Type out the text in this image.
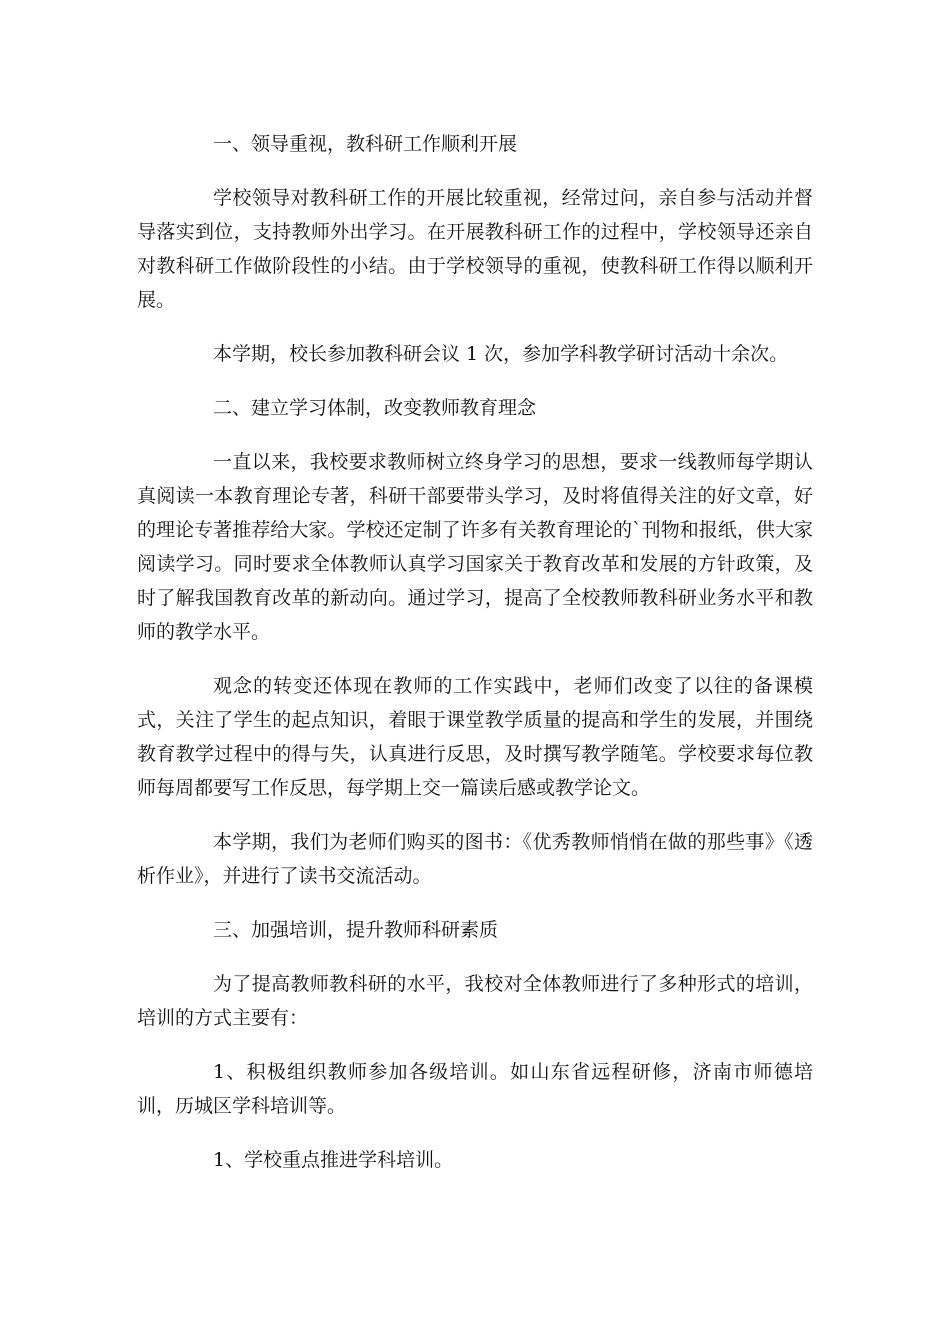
一、领导重视，教科研工作顺利开展

学校领导对教科研工作的开展比较重视，经常过问，亲自参与活动并督导落实到位，支持教师外出学习。在开展教科研工作的过程中，学校领导还亲自对教科研工作做阶段性的小结。由于学校领导的重视，使教科研工作得以顺利开展。

本学期，校长参加教科研会议 1 次，参加学科教学研讨活动十余次。

二、建立学习体制，改变教师教育理念

一直以来，我校要求教师树立终身学习的思想，要求一线教师每学期认真阅读一本教育理论专著，科研干部要带头学习，及时将值得关注的好文章，好的理论专著推荐给大家。学校还定制了许多有关教育理论的`刊物和报纸，供大家阅读学习。同时要求全体教师认真学习国家关于教育改革和发展的方针政策，及时了解我国教育改革的新动向。通过学习，提高了全校教师教科研业务水平和教师的教学水平。

观念的转变还体现在教师的工作实践中，老师们改变了以往的备课模式，关注了学生的起点知识，着眼于课堂教学质量的提高和学生的发展，并围绕教育教学过程中的得与失，认真进行反思，及时撰写教学随笔。学校要求每位教师每周都要写工作反思，每学期上交一篇读后感或教学论文。

本学期，我们为老师们购买的图书：《优秀教师悄悄在做的那些事》《透析作业》，并进行了读书交流活动。

三、加强培训，提升教师科研素质

为了提高教师教科研的水平，我校对全体教师进行了多种形式的培训，培训的方式主要有：

1、积极组织教师参加各级培训。如山东省远程研修，济南市师德培训，历城区学科培训等。

1、学校重点推进学科培训。
